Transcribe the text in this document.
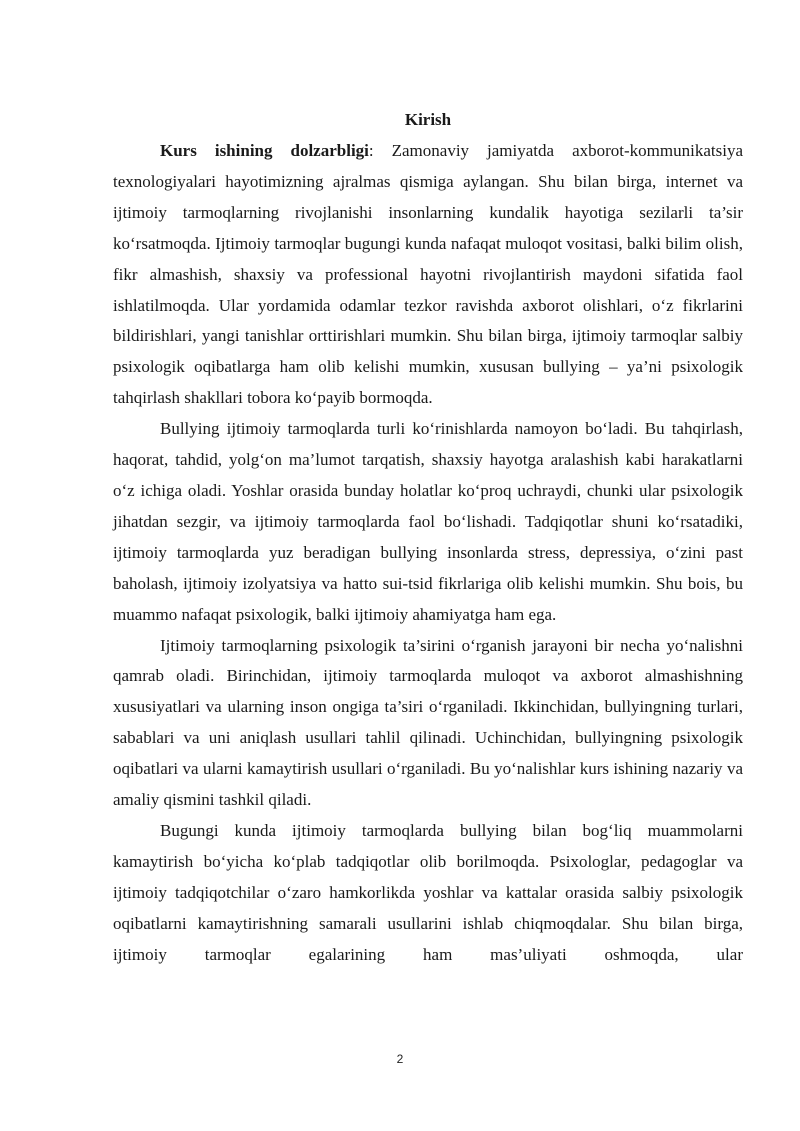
Kirish

Kurs ishining dolzarbligi: Zamonaviy jamiyatda axborot-kommunikatsiya texnologiyalari hayotimizning ajralmas qismiga aylangan. Shu bilan birga, internet va ijtimoiy tarmoqlarning rivojlanishi insonlarning kundalik hayotiga sezilarli ta’sir ko‘rsatmoqda. Ijtimoiy tarmoqlar bugungi kunda nafaqat muloqot vositasi, balki bilim olish, fikr almashish, shaxsiy va professional hayotni rivojlantirish maydoni sifatida faol ishlatilmoqda. Ular yordamida odamlar tezkor ravishda axborot olishlari, o‘z fikrlarini bildirishlari, yangi tanishlar orttirishlari mumkin. Shu bilan birga, ijtimoiy tarmoqlar salbiy psixologik oqibatlarga ham olib kelishi mumkin, xususan bullying – ya’ni psixologik tahqirlash shakllari tobora ko‘payib bormoqda.

Bullying ijtimoiy tarmoqlarda turli ko‘rinishlarda namoyon bo‘ladi. Bu tahqirlash, haqorat, tahdid, yolg‘on ma’lumot tarqatish, shaxsiy hayotga aralashish kabi harakatlarni o‘z ichiga oladi. Yoshlar orasida bunday holatlar ko‘proq uchraydi, chunki ular psixologik jihatdan sezgir, va ijtimoiy tarmoqlarda faol bo‘lishadi. Tadqiqotlar shuni ko‘rsatadiki, ijtimoiy tarmoqlarda yuz beradigan bullying insonlarda stress, depressiya, o‘zini past baholash, ijtimoiy izolyatsiya va hatto sui-tsid fikrlariga olib kelishi mumkin. Shu bois, bu muammo nafaqat psixologik, balki ijtimoiy ahamiyatga ham ega.

Ijtimoiy tarmoqlarning psixologik ta’sirini o‘rganish jarayoni bir necha yo‘nalishni qamrab oladi. Birinchidan, ijtimoiy tarmoqlarda muloqot va axborot almashishning xususiyatlari va ularning inson ongiga ta’siri o‘rganiladi. Ikkinchidan, bullyingning turlari, sabablari va uni aniqlash usullari tahlil qilinadi. Uchinchidan, bullyingning psixologik oqibatlari va ularni kamaytirish usullari o‘rganiladi. Bu yo‘nalishlar kurs ishining nazariy va amaliy qismini tashkil qiladi.

Bugungi kunda ijtimoiy tarmoqlarda bullying bilan bog‘liq muammolarni kamaytirish bo‘yicha ko‘plab tadqiqotlar olib borilmoqda. Psixologlar, pedagoglar va ijtimoiy tadqiqotchilar o‘zaro hamkorlikda yoshlar va kattalar orasida salbiy psixologik oqibatlarni kamaytirishning samarali usullarini ishlab chiqmoqdalar. Shu bilan birga, ijtimoiy tarmoqlar egalarining ham mas’uliyati oshmoqda, ular

2
